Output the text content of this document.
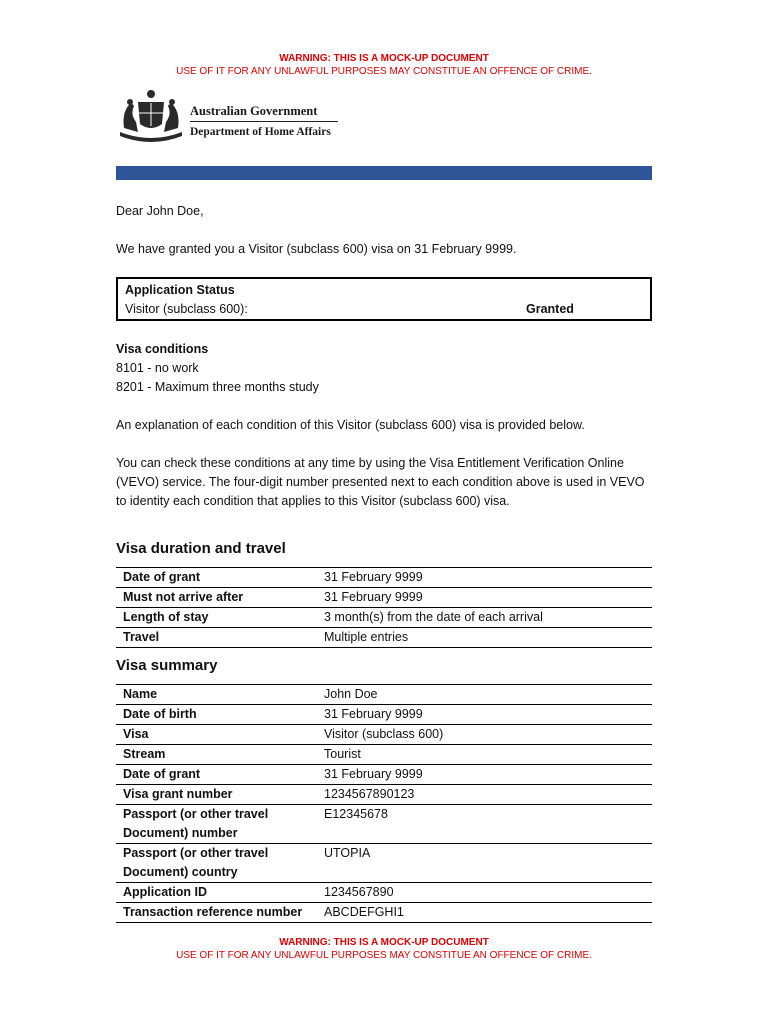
WARNING: THIS IS A MOCK-UP DOCUMENT
USE OF IT FOR ANY UNLAWFUL PURPOSES MAY CONSTITUE AN OFFENCE OF CRIME.
Australian Government
Department of Home Affairs
Dear John Doe,
We have granted you a Visitor (subclass 600) visa on 31 February 9999.
Application Status
Visitor (subclass 600):	Granted
Visa conditions
8101 - no work
8201 - Maximum three months study
An explanation of each condition of this Visitor (subclass 600) visa is provided below.
You can check these conditions at any time by using the Visa Entitlement Verification Online (VEVO) service. The four-digit number presented next to each condition above is used in VEVO to identity each condition that applies to this Visitor (subclass 600) visa.
Visa duration and travel
Date of grant	31 February 9999
Must not arrive after	31 February 9999
Length of stay	3 month(s) from the date of each arrival
Travel	Multiple entries
Visa summary
Name	John Doe
Date of birth	31 February 9999
Visa	Visitor (subclass 600)
Stream	Tourist
Date of grant	31 February 9999
Visa grant number	1234567890123
Passport (or other travel Document) number	E12345678
Passport (or other travel Document) country	UTOPIA
Application ID	1234567890
Transaction reference number	ABCDEFGHI1
WARNING: THIS IS A MOCK-UP DOCUMENT
USE OF IT FOR ANY UNLAWFUL PURPOSES MAY CONSTITUE AN OFFENCE OF CRIME.
